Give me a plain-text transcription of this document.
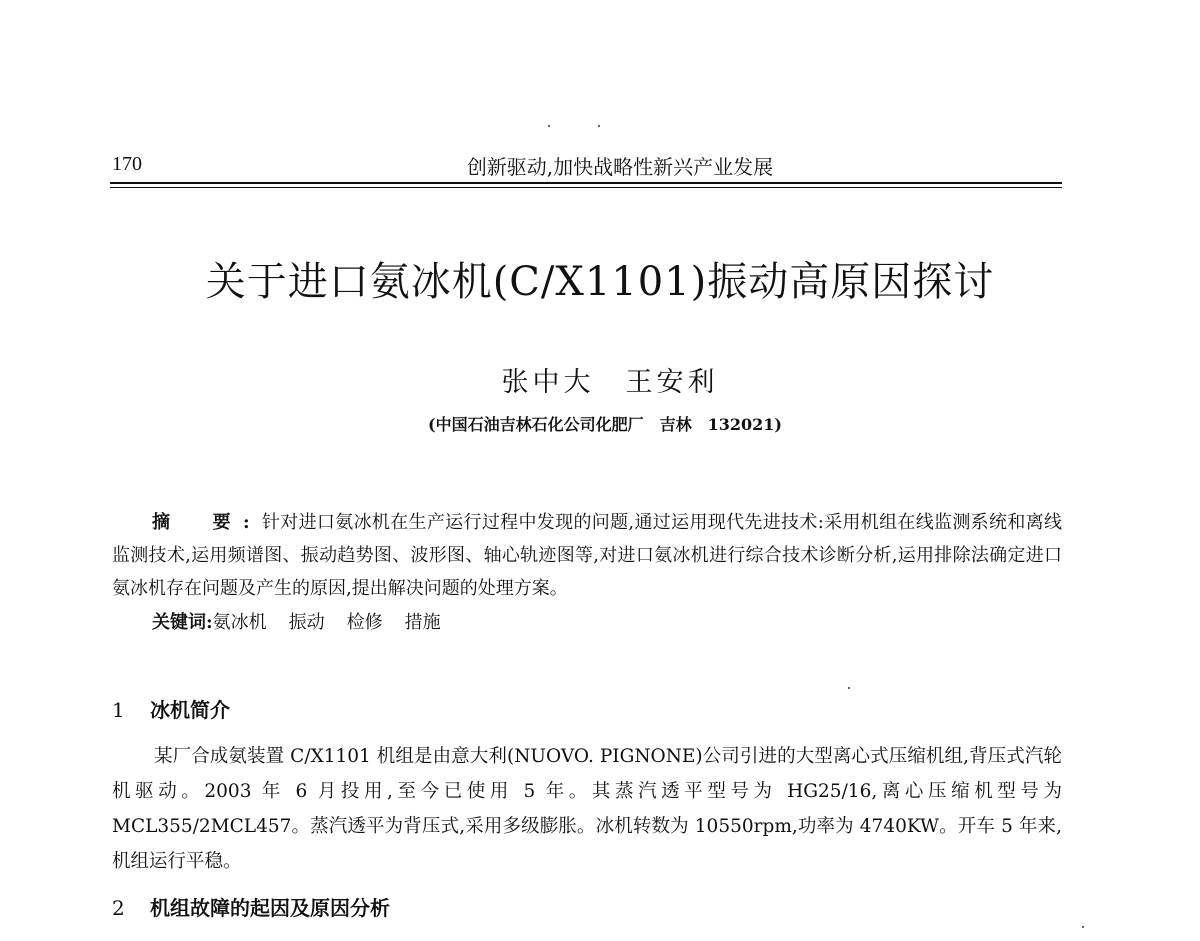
170	创新驱动,加快战略性新兴产业发展
关于进口氨冰机(C/X1101)振动高原因探讨
张中大　王安利
(中国石油吉林石化公司化肥厂　吉林　132021)
摘　要:针对进口氨冰机在生产运行过程中发现的问题,通过运用现代先进技术:采用机组在线监测系统和离线监测技术,运用频谱图、振动趋势图、波形图、轴心轨迹图等,对进口氨冰机进行综合技术诊断分析,运用排除法确定进口氨冰机存在问题及产生的原因,提出解决问题的处理方案。
关键词:氨冰机 振动 检修 措施
1 冰机简介
某厂合成氨装置 C/X1101 机组是由意大利(NUOVO. PIGNONE)公司引进的大型离心式压缩机组,背压式汽轮机驱动。2003 年 6 月投用,至今已使用 5 年。其蒸汽透平型号为 HG25/16,离心压缩机型号为 MCL355/2MCL457。蒸汽透平为背压式,采用多级膨胀。冰机转数为 10550rpm,功率为 4740KW。开车 5 年来,机组运行平稳。
2 机组故障的起因及原因分析
